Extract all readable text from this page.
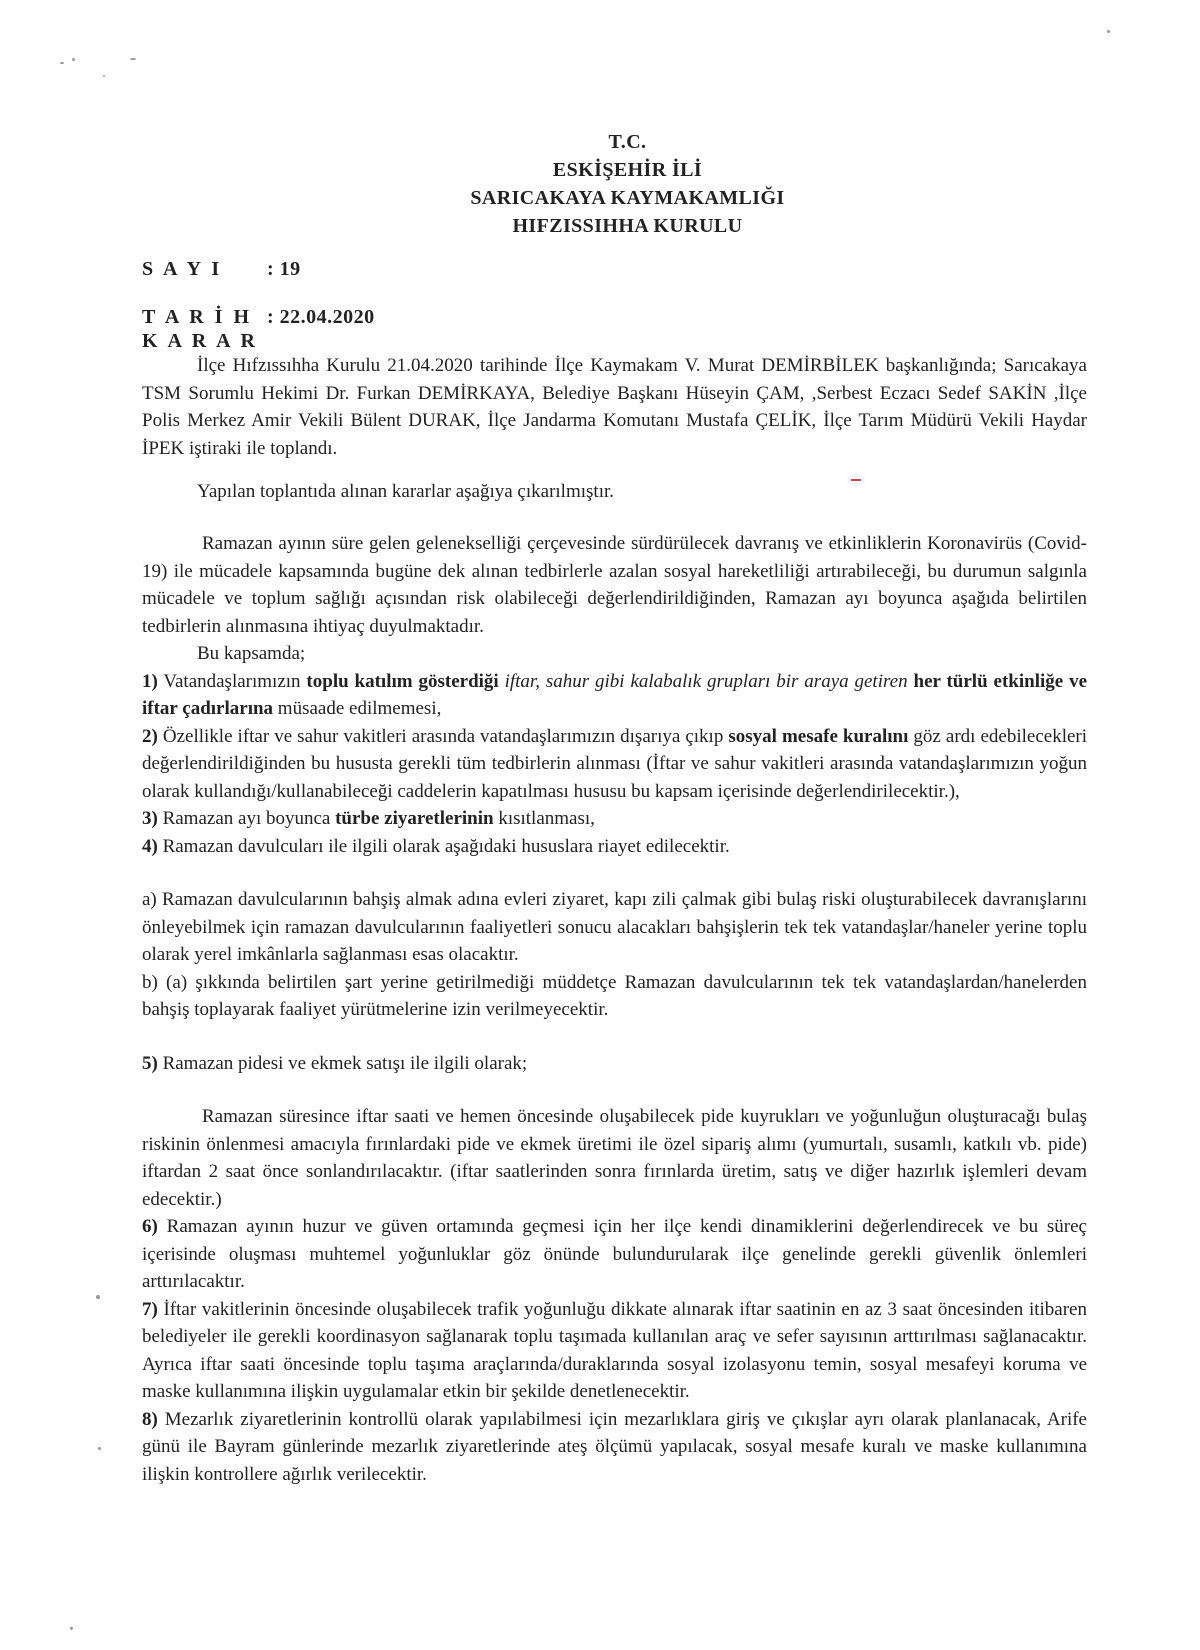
T.C.
ESKİŞEHİR İLİ
SARICAKAYA KAYMAKAMLIĞI
HIFZISSIHHA KURULU
S A Y I : 19
T A R İ H : 22.04.2020
K A R A R

İlçe Hıfzıssıhha Kurulu 21.04.2020 tarihinde İlçe Kaymakam V. Murat DEMİRBİLEK başkanlığında; Sarıcakaya TSM Sorumlu Hekimi Dr. Furkan DEMİRKAYA, Belediye Başkanı Hüseyin ÇAM, ,Serbest Eczacı Sedef SAKİN ,İlçe Polis Merkez Amir Vekili Bülent DURAK, İlçe Jandarma Komutanı Mustafa ÇELİK, İlçe Tarım Müdürü Vekili Haydar İPEK iştiraki ile toplandı.

Yapılan toplantıda alınan kararlar aşağıya çıkarılmıştır.

Ramazan ayının süre gelen gelenekselliği çerçevesinde sürdürülecek davranış ve etkinliklerin Koronavirüs (Covid-19) ile mücadele kapsamında bugüne dek alınan tedbirlerle azalan sosyal hareketliliği artırabileceği, bu durumun salgınla mücadele ve toplum sağlığı açısından risk olabileceği değerlendirildiğinden, Ramazan ayı boyunca aşağıda belirtilen tedbirlerin alınmasına ihtiyaç duyulmaktadır.

Bu kapsamda;

1) Vatandaşlarımızın toplu katılım gösterdiği iftar, sahur gibi kalabalık grupları bir araya getiren her türlü etkinliğe ve iftar çadırlarına müsaade edilmemesi,

2) Özellikle iftar ve sahur vakitleri arasında vatandaşlarımızın dışarıya çıkıp sosyal mesafe kuralını göz ardı edebilecekleri değerlendirildiğinden bu hususta gerekli tüm tedbirlerin alınması (İftar ve sahur vakitleri arasında vatandaşlarımızın yoğun olarak kullandığı/kullanabileceği caddelerin kapatılması hususu bu kapsam içerisinde değerlendirilecektir.),

3) Ramazan ayı boyunca türbe ziyaretlerinin kısıtlanması,

4) Ramazan davulcuları ile ilgili olarak aşağıdaki hususlara riayet edilecektir.

a) Ramazan davulcularının bahşiş almak adına evleri ziyaret, kapı zili çalmak gibi bulaş riski oluşturabilecek davranışlarını önleyebilmek için ramazan davulcularının faaliyetleri sonucu alacakları bahşişlerin tek tek vatandaşlar/haneler yerine toplu olarak yerel imkânlarla sağlanması esas olacaktır.

b) (a) şıkkında belirtilen şart yerine getirilmediği müddetçe Ramazan davulcularının tek tek vatandaşlardan/hanelerden bahşiş toplayarak faaliyet yürütmelerine izin verilmeyecektir.

5) Ramazan pidesi ve ekmek satışı ile ilgili olarak;

Ramazan süresince iftar saati ve hemen öncesinde oluşabilecek pide kuyrukları ve yoğunluğun oluşturacağı bulaş riskinin önlenmesi amacıyla fırınlardaki pide ve ekmek üretimi ile özel sipariş alımı (yumurtalı, susamlı, katkılı vb. pide) iftardan 2 saat önce sonlandırılacaktır. (iftar saatlerinden sonra fırınlarda üretim, satış ve diğer hazırlık işlemleri devam edecektir.)

6) Ramazan ayının huzur ve güven ortamında geçmesi için her ilçe kendi dinamiklerini değerlendirecek ve bu süreç içerisinde oluşması muhtemel yoğunluklar göz önünde bulundurularak ilçe genelinde gerekli güvenlik önlemleri arttırılacaktır.

7) İftar vakitlerinin öncesinde oluşabilecek trafik yoğunluğu dikkate alınarak iftar saatinin en az 3 saat öncesinden itibaren belediyeler ile gerekli koordinasyon sağlanarak toplu taşımada kullanılan araç ve sefer sayısının arttırılması sağlanacaktır. Ayrıca iftar saati öncesinde toplu taşıma araçlarında/duraklarında sosyal izolasyonu temin, sosyal mesafeyi koruma ve maske kullanımına ilişkin uygulamalar etkin bir şekilde denetlenecektir.

8) Mezarlık ziyaretlerinin kontrollü olarak yapılabilmesi için mezarlıklara giriş ve çıkışlar ayrı olarak planlanacak, Arife günü ile Bayram günlerinde mezarlık ziyaretlerinde ateş ölçümü yapılacak, sosyal mesafe kuralı ve maske kullanımına ilişkin kontrollere ağırlık verilecektir.
